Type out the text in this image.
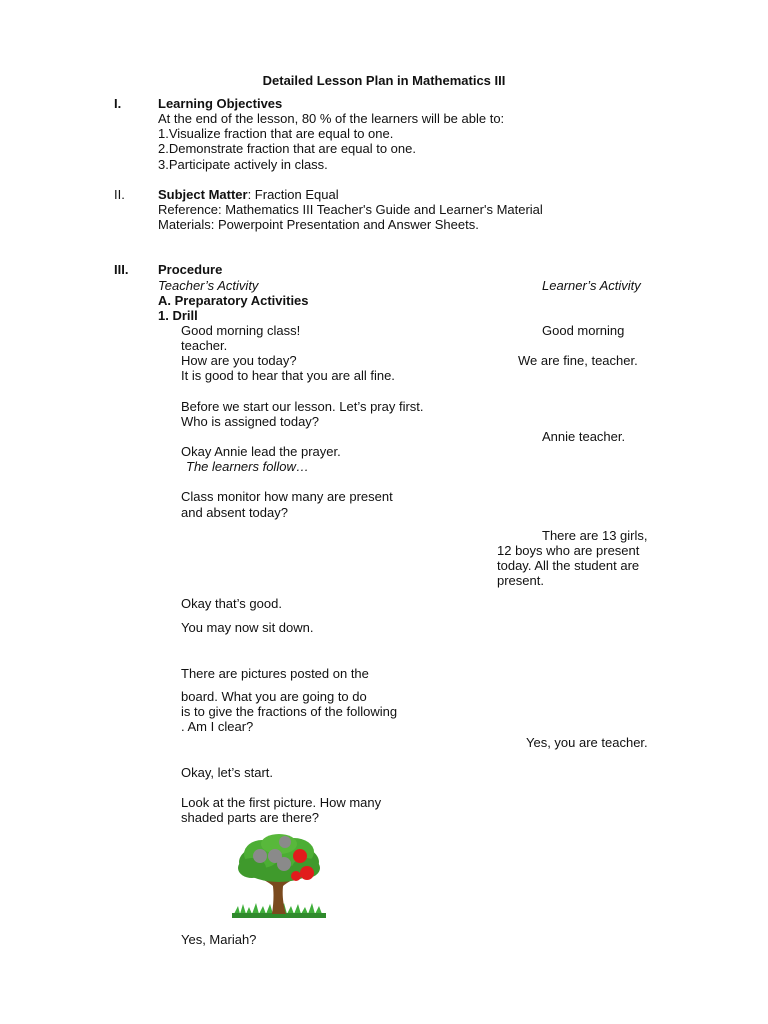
Detailed Lesson Plan in Mathematics III
I.	Learning Objectives
At the end of the lesson, 80 % of the learners will be able to:
1.Visualize fraction that are equal to one.
2.Demonstrate fraction that are equal to one.
3.Participate actively in class.
II.	Subject Matter: Fraction Equal
Reference: Mathematics III Teacher's Guide and Learner's Material
Materials: Powerpoint Presentation and Answer Sheets.
III. Procedure
Teacher’s Activity	Learner’s Activity
A. Preparatory Activities
1. Drill
Good morning class!	Good morning
teacher.
How are you today?	We are fine, teacher.
It is good to hear that you are all fine.
Before we start our lesson. Let’s pray first.
Who is assigned today?
Annie teacher.
Okay Annie lead the prayer.
The learners follow…
Class monitor how many are present
and absent today?
There are 13 girls,
12 boys who are present
today. All the student are
present.
Okay that’s good.
You may now sit down.
There are pictures posted on the
board. What you are going to do
is to give the fractions of the following
. Am I clear?
Yes, you are teacher.
Okay, let’s start.
Look at the first picture. How many
shaded parts are there?
Yes, Mariah?
